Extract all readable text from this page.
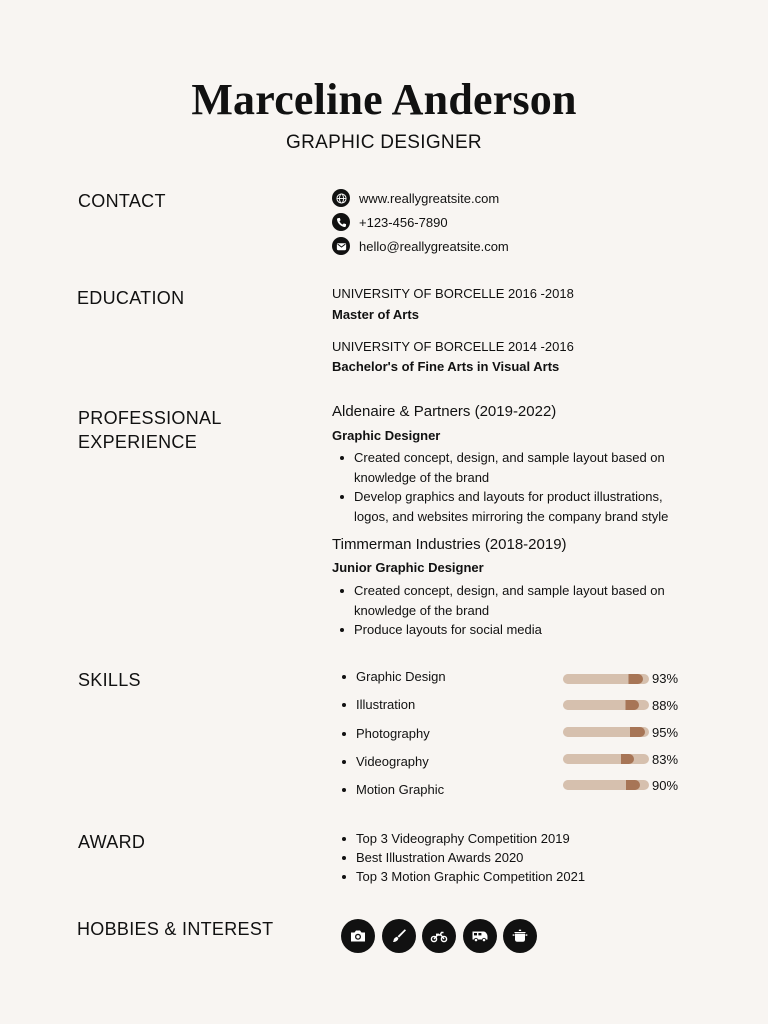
Marceline Anderson
GRAPHIC DESIGNER
CONTACT	www.reallygreatsite.com
+123-456-7890
hello@reallygreatsite.com
EDUCATION	UNIVERSITY OF BORCELLE 2016 -2018
Master of Arts
UNIVERSITY OF BORCELLE 2014 -2016
Bachelor's of Fine Arts in Visual Arts
PROFESSIONAL
EXPERIENCE
Aldenaire & Partners (2019-2022)
Graphic Designer
Created concept, design, and sample layout based on knowledge of the brand
Develop graphics and layouts for product illustrations, logos, and websites mirroring the company brand style
Timmerman Industries (2018-2019)
Junior Graphic Designer
Created concept, design, and sample layout based on knowledge of the brand
Produce layouts for social media
SKILLS	Graphic Design	93%
Illustration	88%
Photography	95%
Videography	83%
Motion Graphic	90%
AWARD	Top 3 Videography Competition 2019
Best Illustration Awards 2020
Top 3 Motion Graphic Competition 2021
HOBBIES & INTEREST
